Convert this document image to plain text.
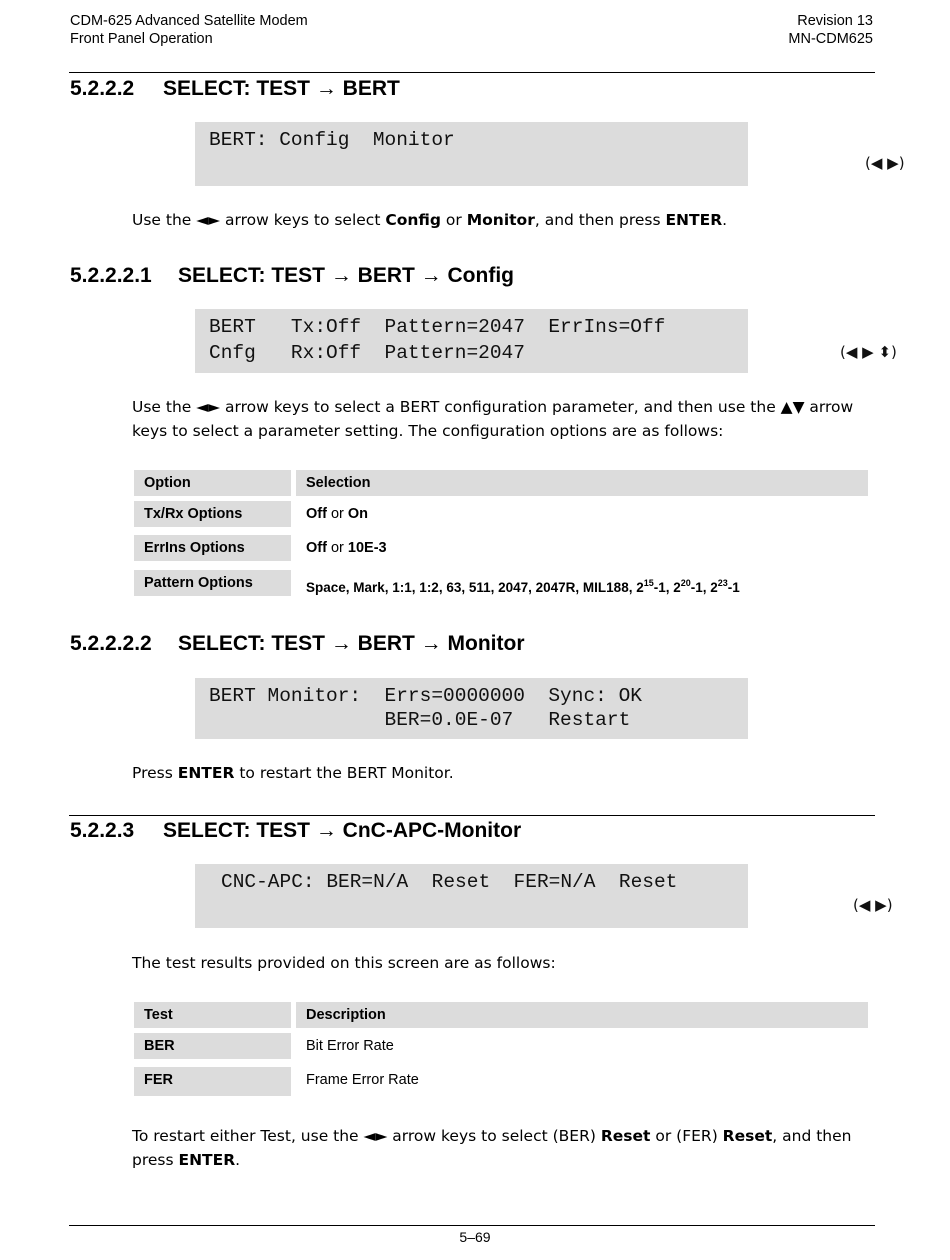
CDM-625 Advanced Satellite Modem
Front Panel Operation
Revision 13
MN-CDM625
5.2.2.2 SELECT: TEST → BERT
BERT: Config  Monitor
(◀ ▶)
Use the ◄► arrow keys to select Config or Monitor, and then press ENTER.
5.2.2.2.1 SELECT: TEST → BERT → Config
BERT   Tx:Off  Pattern=2047  ErrIns=Off
Cnfg   Rx:Off  Pattern=2047	(◀ ▶ ⬍)
Use the ◄► arrow keys to select a BERT configuration parameter, and then use the ▲▼ arrow keys to select a parameter setting. The configuration options are as follows:
Option	Selection
Tx/Rx Options	Off or On
ErrIns Options	Off or 10E-3
Pattern Options	Space, Mark, 1:1, 1:2, 63, 511, 2047, 2047R, MIL188, $2^{15}-1$, $2^{20}-1$, $2^{23}-1$
5.2.2.2.2 SELECT: TEST → BERT → Monitor
BERT Monitor:  Errs=0000000  Sync: OK
BER=0.0E-07   Restart
Press ENTER to restart the BERT Monitor.
5.2.2.3 SELECT: TEST → CnC-APC-Monitor
CNC-APC: BER=N/A  Reset  FER=N/A  Reset
(◀ ▶)
The test results provided on this screen are as follows:
Test	Description
BER	Bit Error Rate
FER	Frame Error Rate
To restart either Test, use the ◄► arrow keys to select (BER) Reset or (FER) Reset, and then press ENTER.
5–69
